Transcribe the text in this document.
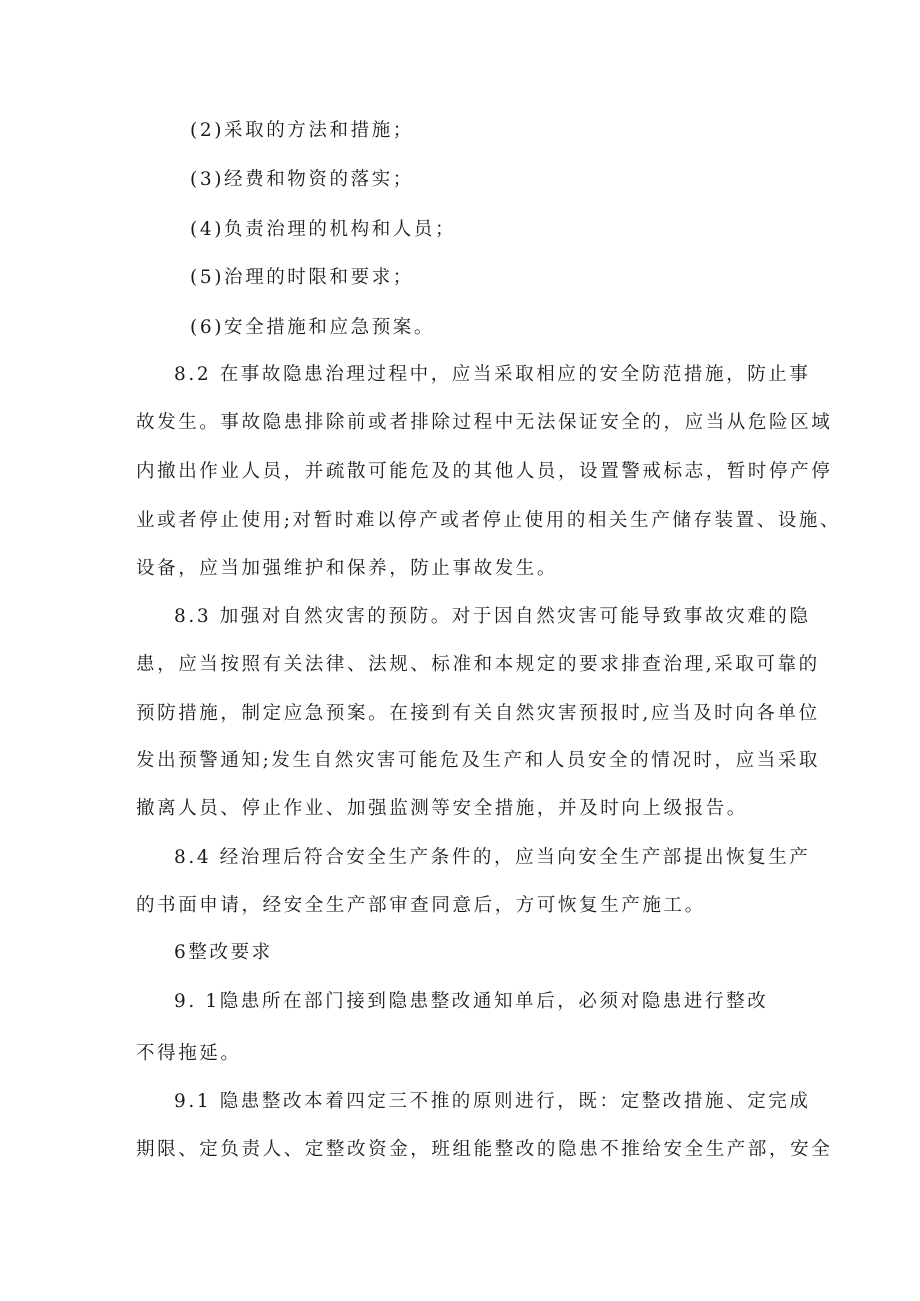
(2)采取的方法和措施；
(3)经费和物资的落实；
(4)负责治理的机构和人员；
(5)治理的时限和要求；
(6)安全措施和应急预案。
8.2 在事故隐患治理过程中，应当采取相应的安全防范措施，防止事
故发生。事故隐患排除前或者排除过程中无法保证安全的，应当从危险区域
内撤出作业人员，并疏散可能危及的其他人员，设置警戒标志，暂时停产停
业或者停止使用;对暂时难以停产或者停止使用的相关生产储存装置、设施、
设备，应当加强维护和保养，防止事故发生。
8.3 加强对自然灾害的预防。对于因自然灾害可能导致事故灾难的隐
患，应当按照有关法律、法规、标准和本规定的要求排查治理,采取可靠的
预防措施，制定应急预案。在接到有关自然灾害预报时,应当及时向各单位
发出预警通知;发生自然灾害可能危及生产和人员安全的情况时，应当采取
撤离人员、停止作业、加强监测等安全措施，并及时向上级报告。
8.4 经治理后符合安全生产条件的，应当向安全生产部提出恢复生产
的书面申请，经安全生产部审查同意后，方可恢复生产施工。
6整改要求
9. 1隐患所在部门接到隐患整改通知单后，必须对隐患进行整改
不得拖延。
9.1 隐患整改本着四定三不推的原则进行，既：定整改措施、定完成
期限、定负责人、定整改资金，班组能整改的隐患不推给安全生产部，安全
